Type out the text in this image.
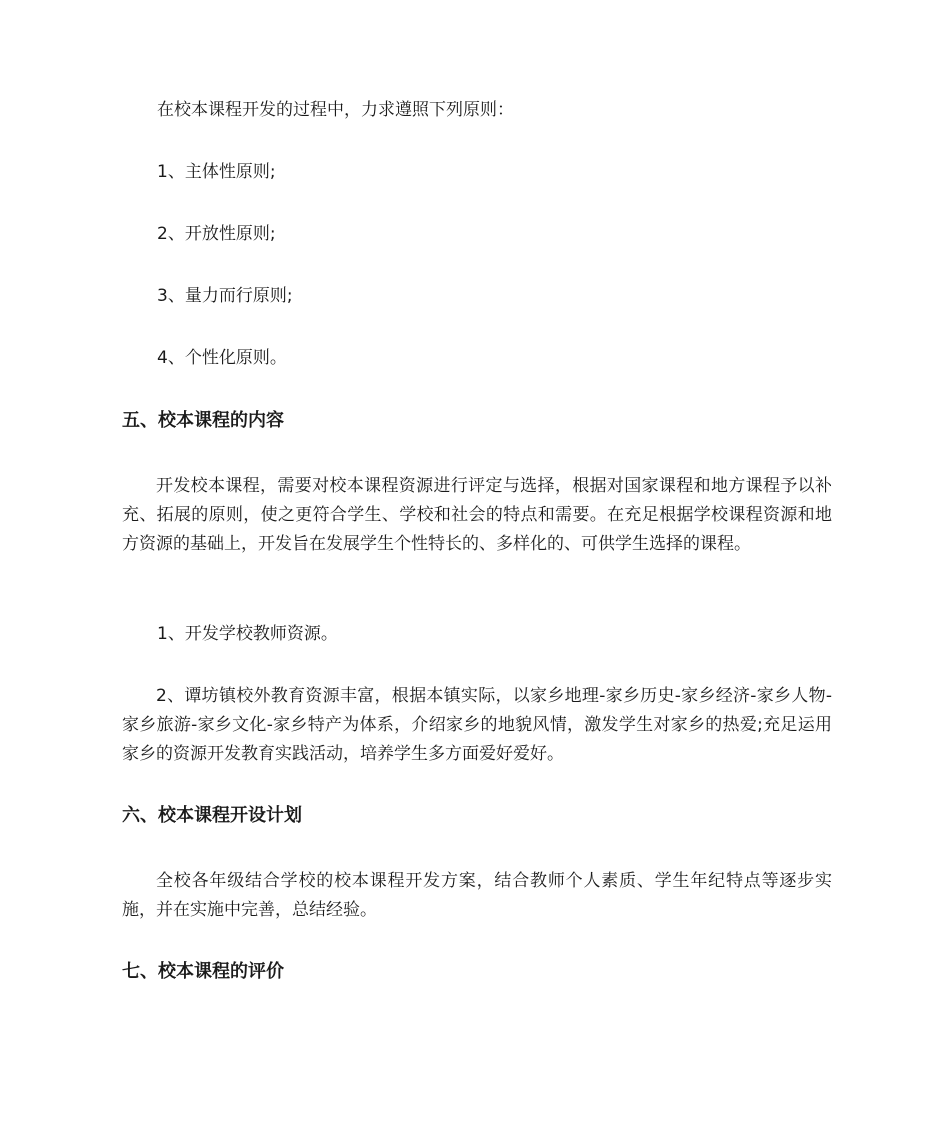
在校本课程开发的过程中，力求遵照下列原则：
1、主体性原则;
2、开放性原则;
3、量力而行原则;
4、个性化原则。
五、校本课程的内容
开发校本课程，需要对校本课程资源进行评定与选择，根据对国家课程和地方课程予以补充、拓展的原则，使之更符合学生、学校和社会的特点和需要。在充足根据学校课程资源和地方资源的基础上，开发旨在发展学生个性特长的、多样化的、可供学生选择的课程。
1、开发学校教师资源。
2、谭坊镇校外教育资源丰富，根据本镇实际，以家乡地理-家乡历史-家乡经济-家乡人物-家乡旅游-家乡文化-家乡特产为体系，介绍家乡的地貌风情，激发学生对家乡的热爱;充足运用家乡的资源开发教育实践活动，培养学生多方面爱好爱好。
六、校本课程开设计划
全校各年级结合学校的校本课程开发方案，结合教师个人素质、学生年纪特点等逐步实施，并在实施中完善，总结经验。
七、校本课程的评价
